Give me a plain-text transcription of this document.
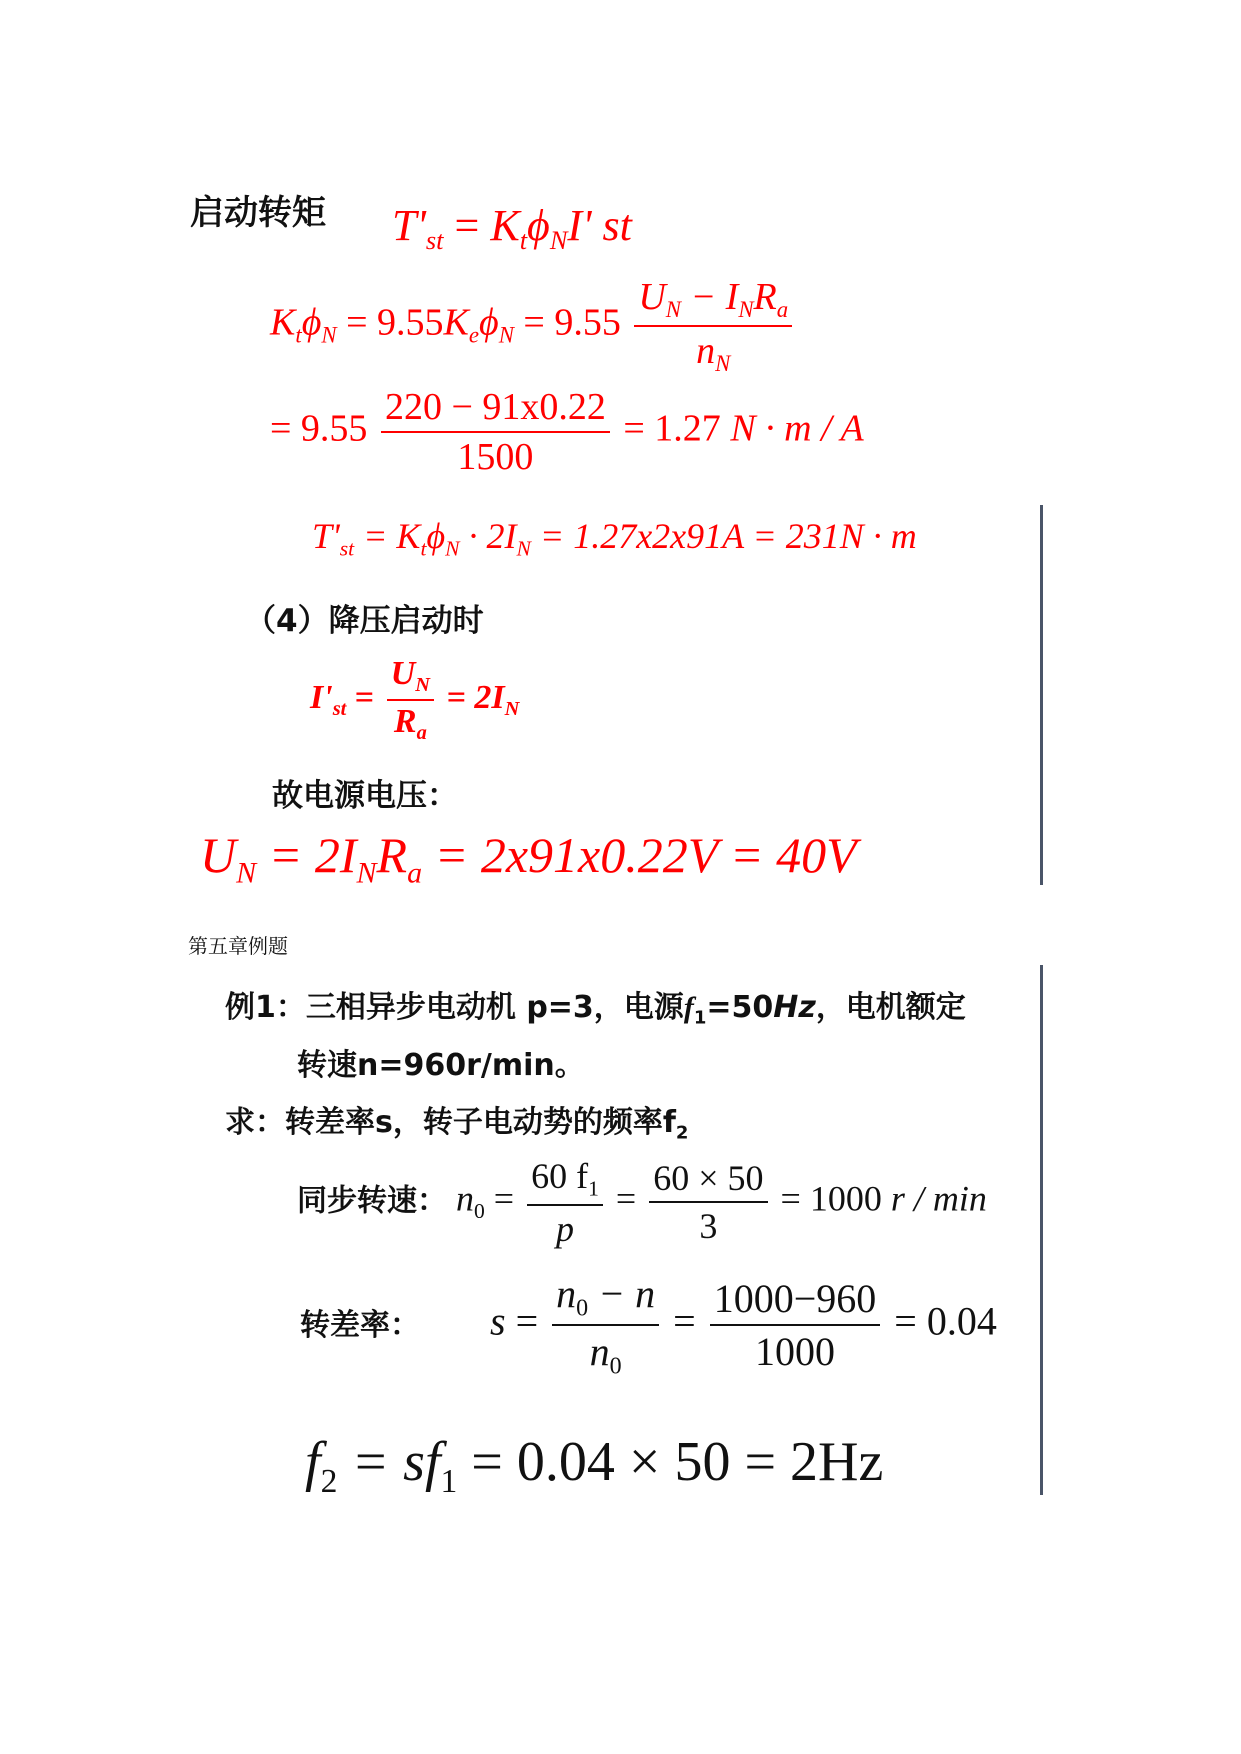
启动转矩 $T'_{st} = K_t\phi_NI'$ st
$K_t\phi_N = 9.55K_e\phi_N = 9.55 \frac{U_N - I_NR_a}{n_N}$
= $9.55 \frac{220 - 91x0.22}{1500} = 1.27$ N · m / A
$T'_{st} = K_t\phi_N \cdot 2I_N = 1.27x2x91A = 231N \cdot m$
（4）降压启动时
$I'_{st} = \frac{U_N}{R_a} = 2I_N$
故电源电压：
$U_N = 2I_NR_a = 2x91x0.22V = 40V$
第五章例题
例1：三相异步电动机 p=3，电源$f_1=50Hz$，电机额定
转速n=960r/min。
求：转差率s，转子电动势的频率$f_2$
同步转速： $n_0 = \frac{60 f_1}{p} = \frac{60 \times 50}{3} = 1000$ r / min
转差率： $s = \frac{n_0 - n}{n_0} = \frac{1000-960}{1000} = 0.04$
$f_2 = sf_1 = 0.04 \times 50 = 2Hz$
